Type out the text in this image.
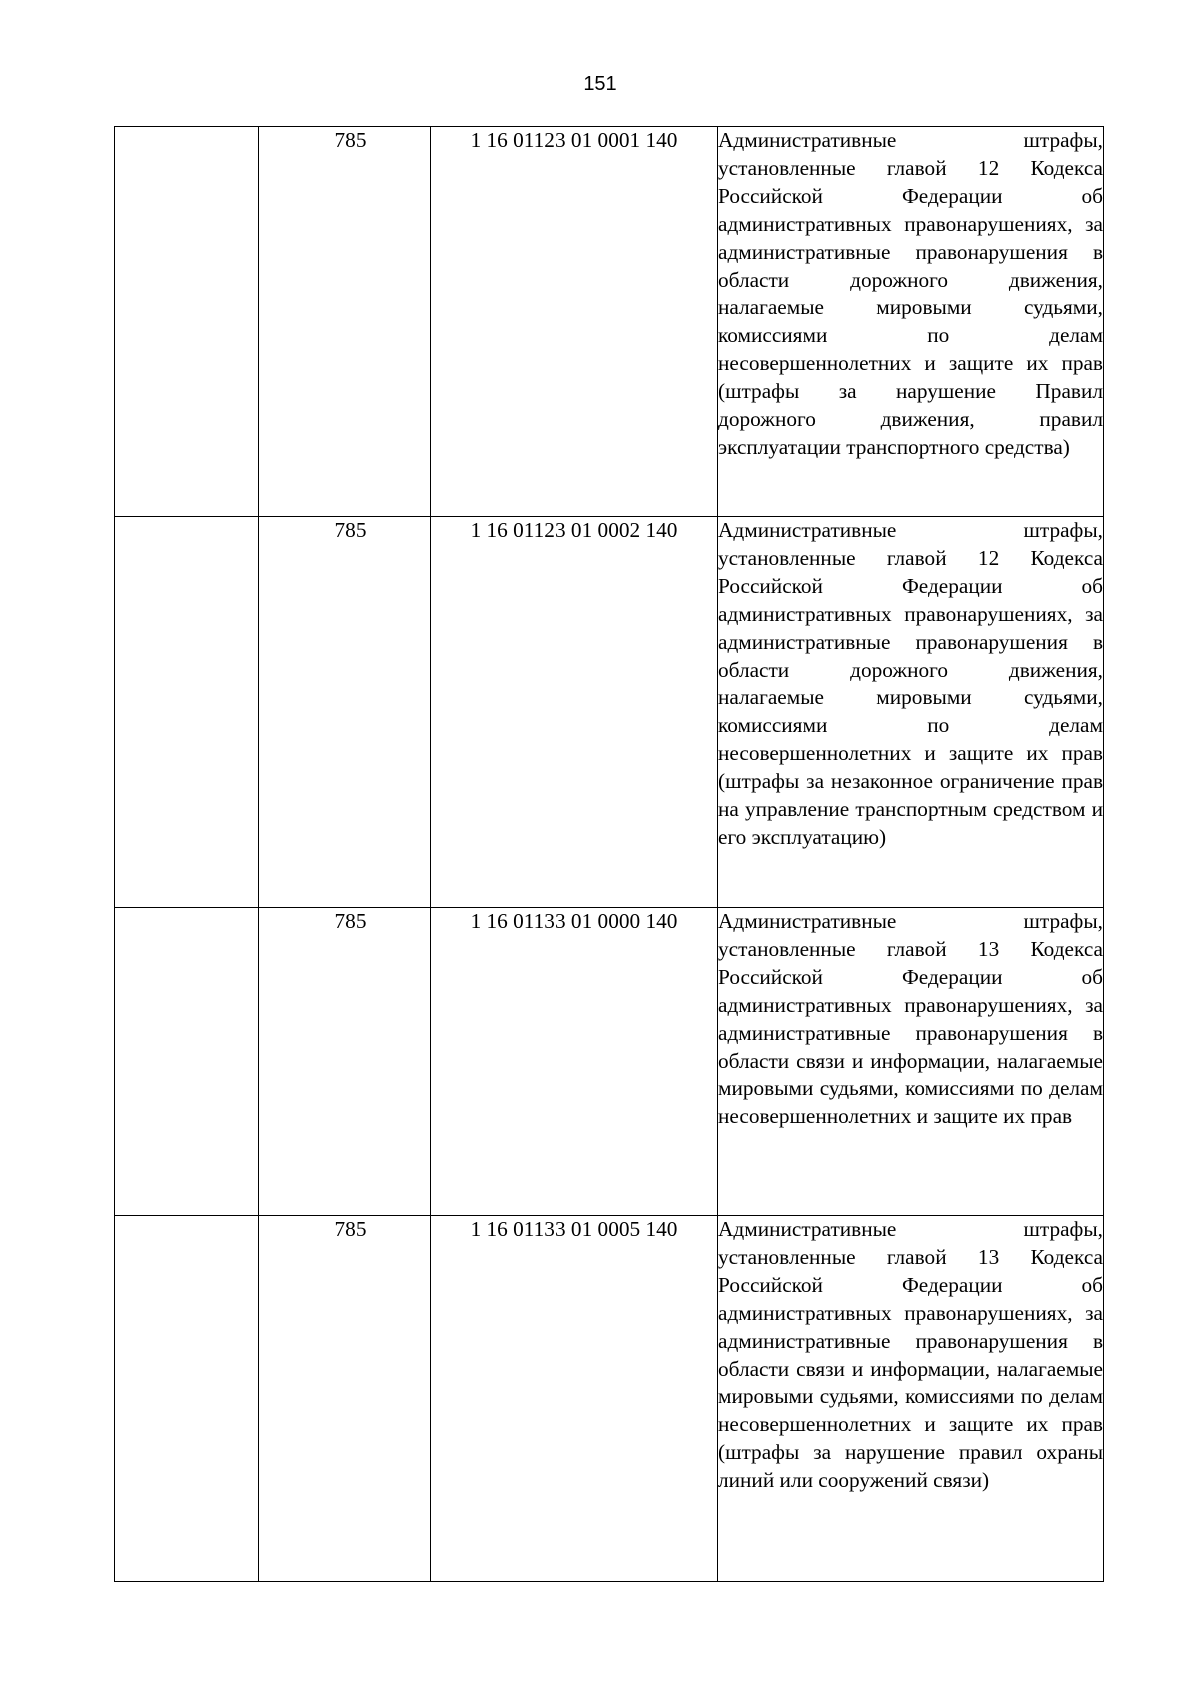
151
	785	1 16 01123 01 0001 140	Административные штрафы, установленные главой 12 Кодекса Российской Федерации об административных правонарушениях, за административные правонарушения в области дорожного движения, налагаемые мировыми судьями, комиссиями по делам несовершеннолетних и защите их прав (штрафы за нарушение Правил дорожного движения, правил эксплуатации транспортного средства)

	785	1 16 01123 01 0002 140	Административные штрафы, установленные главой 12 Кодекса Российской Федерации об административных правонарушениях, за административные правонарушения в области дорожного движения, налагаемые мировыми судьями, комиссиями по делам несовершеннолетних и защите их прав (штрафы за незаконное ограничение прав на управление транспортным средством и его эксплуатацию)

	785	1 16 01133 01 0000 140	Административные штрафы, установленные главой 13 Кодекса Российской Федерации об административных правонарушениях, за административные правонарушения в области связи и информации, налагаемые мировыми судьями, комиссиями по делам несовершеннолетних и защите их прав

	785	1 16 01133 01 0005 140	Административные штрафы, установленные главой 13 Кодекса Российской Федерации об административных правонарушениях, за административные правонарушения в области связи и информации, налагаемые мировыми судьями, комиссиями по делам несовершеннолетних и защите их прав (штрафы за нарушение правил охраны линий или сооружений связи)
